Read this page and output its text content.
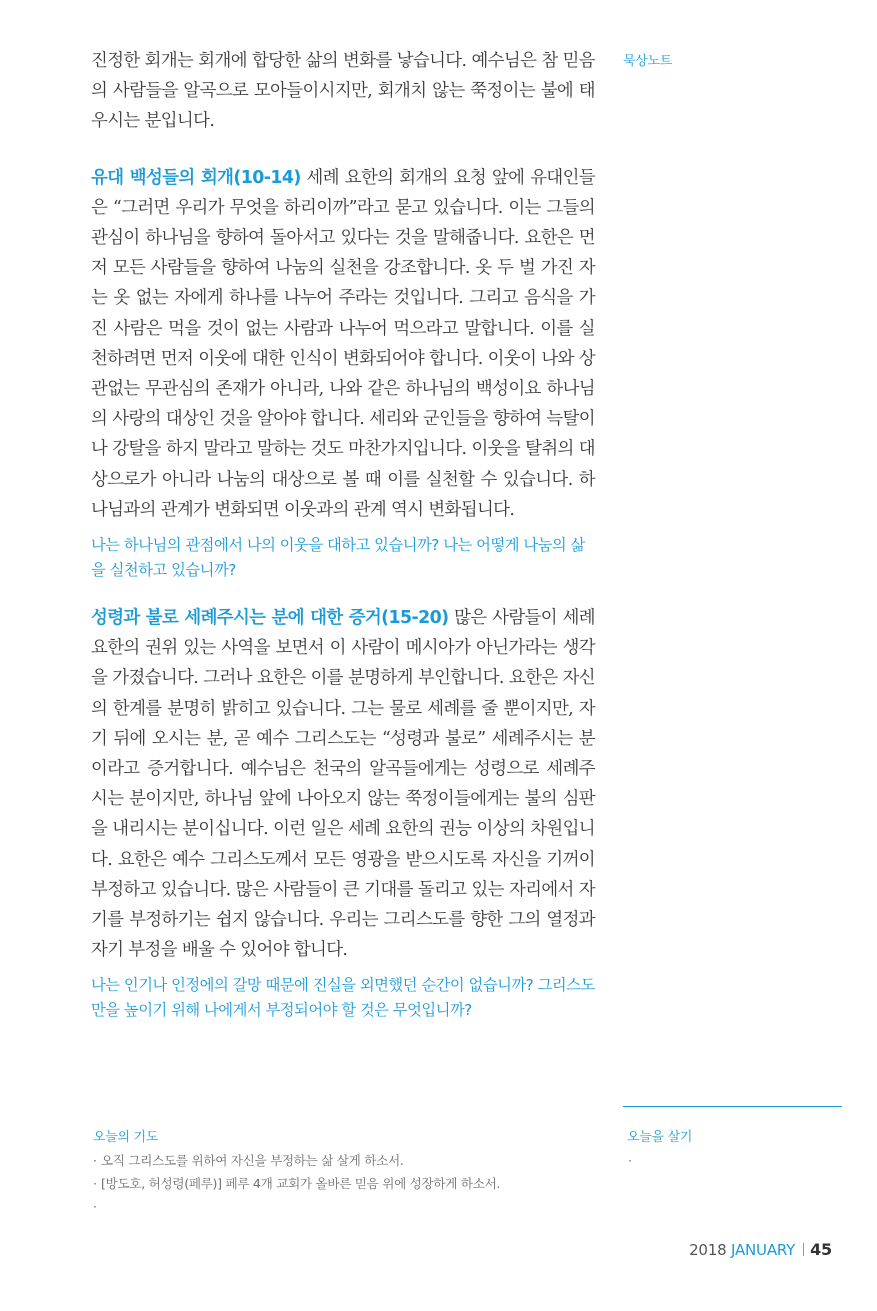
진정한 회개는 회개에 합당한 삶의 변화를 낳습니다. 예수님은 참 믿음의 사람들을 알곡으로 모아들이시지만, 회개치 않는 쭉정이는 불에 태우시는 분입니다.

유대 백성들의 회개(10-14) 세례 요한의 회개의 요청 앞에 유대인들은 “그러면 우리가 무엇을 하리이까”라고 묻고 있습니다. 이는 그들의 관심이 하나님을 향하여 돌아서고 있다는 것을 말해줍니다. 요한은 먼저 모든 사람들을 향하여 나눔의 실천을 강조합니다. 옷 두 벌 가진 자는 옷 없는 자에게 하나를 나누어 주라는 것입니다. 그리고 음식을 가진 사람은 먹을 것이 없는 사람과 나누어 먹으라고 말합니다. 이를 실천하려면 먼저 이웃에 대한 인식이 변화되어야 합니다. 이웃이 나와 상관없는 무관심의 존재가 아니라, 나와 같은 하나님의 백성이요 하나님의 사랑의 대상인 것을 알아야 합니다. 세리와 군인들을 향하여 늑탈이나 강탈을 하지 말라고 말하는 것도 마찬가지입니다. 이웃을 탈취의 대상으로가 아니라 나눔의 대상으로 볼 때 이를 실천할 수 있습니다. 하나님과의 관계가 변화되면 이웃과의 관계 역시 변화됩니다.

나는 하나님의 관점에서 나의 이웃을 대하고 있습니까? 나는 어떻게 나눔의 삶을 실천하고 있습니까?

성령과 불로 세례주시는 분에 대한 증거(15-20) 많은 사람들이 세례 요한의 권위 있는 사역을 보면서 이 사람이 메시아가 아닌가라는 생각을 가졌습니다. 그러나 요한은 이를 분명하게 부인합니다. 요한은 자신의 한계를 분명히 밝히고 있습니다. 그는 물로 세례를 줄 뿐이지만, 자기 뒤에 오시는 분, 곧 예수 그리스도는 “성령과 불로” 세례주시는 분이라고 증거합니다. 예수님은 천국의 알곡들에게는 성령으로 세례주시는 분이지만, 하나님 앞에 나아오지 않는 쭉정이들에게는 불의 심판을 내리시는 분이십니다. 이런 일은 세례 요한의 권능 이상의 차원입니다. 요한은 예수 그리스도께서 모든 영광을 받으시도록 자신을 기꺼이 부정하고 있습니다. 많은 사람들이 큰 기대를 돌리고 있는 자리에서 자기를 부정하기는 쉽지 않습니다. 우리는 그리스도를 향한 그의 열정과 자기 부정을 배울 수 있어야 합니다.

나는 인기나 인정에의 갈망 때문에 진실을 외면했던 순간이 없습니까? 그리스도만을 높이기 위해 나에게서 부정되어야 할 것은 무엇입니까?

묵상노트
오늘의 기도	오늘을 살기
· 오직 그리스도를 위하여 자신을 부정하는 삶 살게 하소서.
· [방도호, 허성령(페루)] 페루 4개 교회가 올바른 믿음 위에 성장하게 하소서.
·
·
2018 JANUARY 45
